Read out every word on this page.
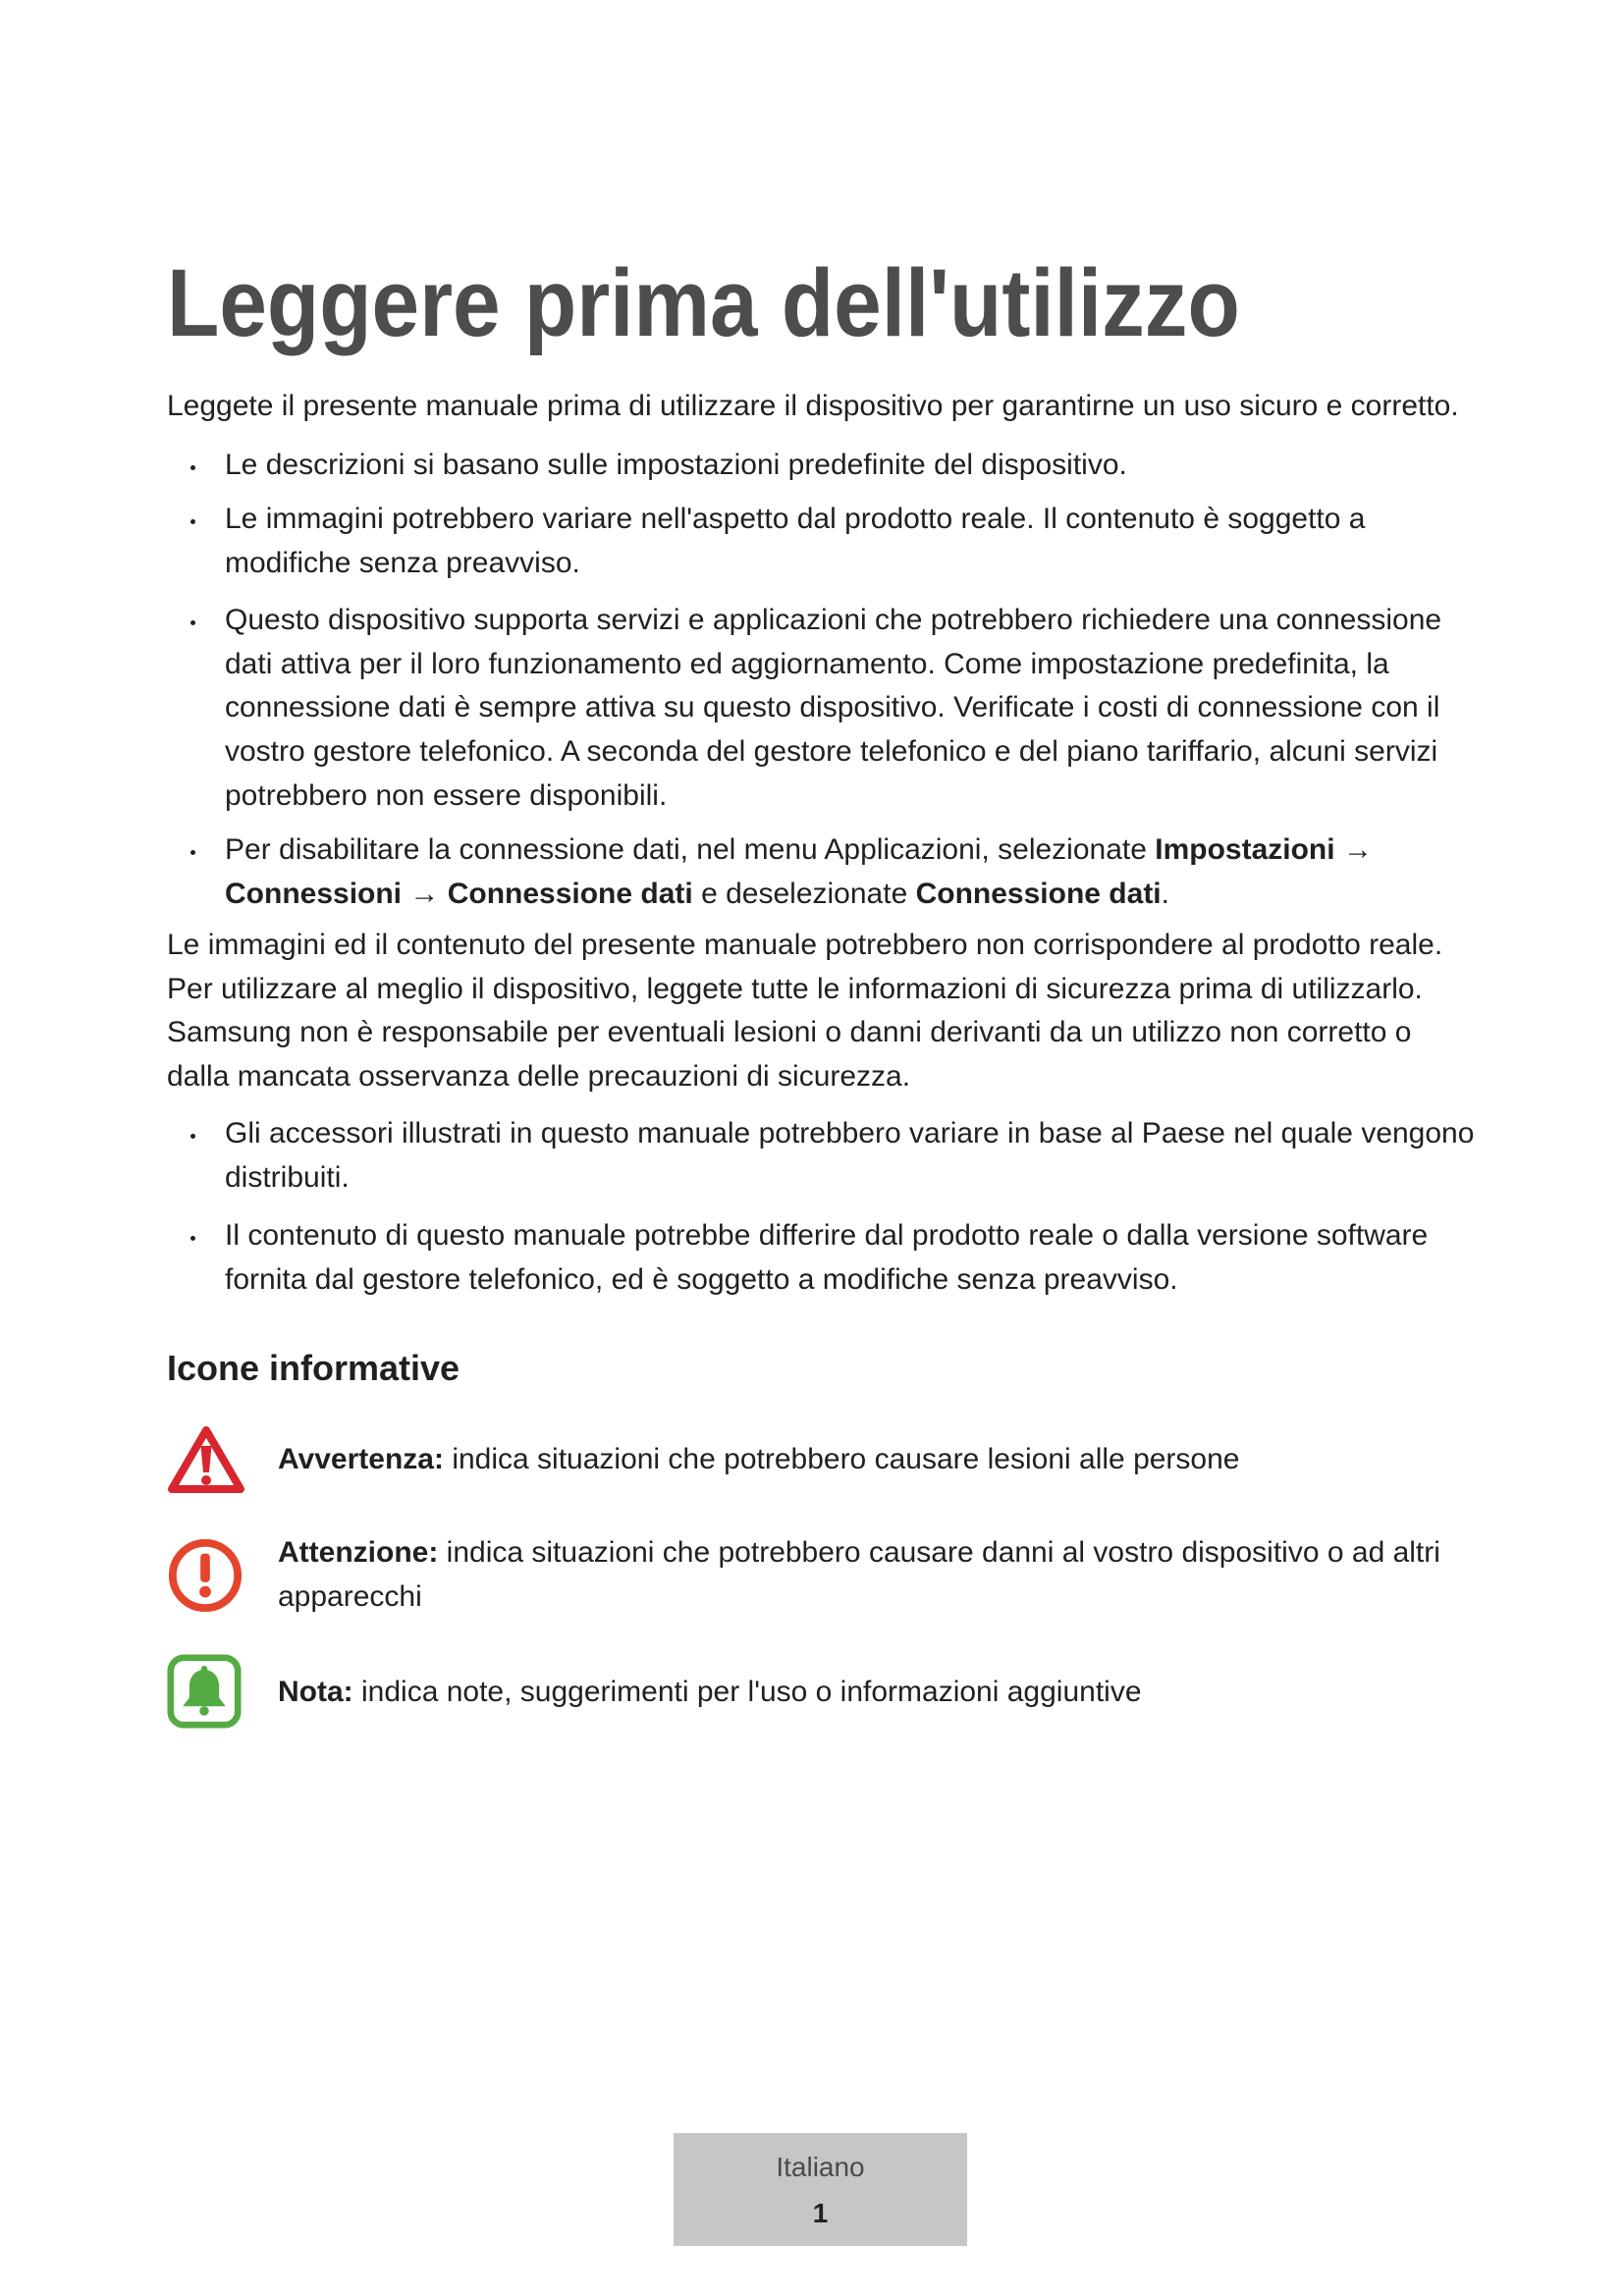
Leggere prima dell'utilizzo
Leggete il presente manuale prima di utilizzare il dispositivo per garantirne un uso sicuro e corretto.
Le descrizioni si basano sulle impostazioni predefinite del dispositivo.
Le immagini potrebbero variare nell'aspetto dal prodotto reale. Il contenuto è soggetto a
modifiche senza preavviso.
Questo dispositivo supporta servizi e applicazioni che potrebbero richiedere una connessione
dati attiva per il loro funzionamento ed aggiornamento. Come impostazione predefinita, la
connessione dati è sempre attiva su questo dispositivo. Verificate i costi di connessione con il
vostro gestore telefonico. A seconda del gestore telefonico e del piano tariffario, alcuni servizi
potrebbero non essere disponibili.
Per disabilitare la connessione dati, nel menu Applicazioni, selezionate Impostazioni →
Connessioni → Connessione dati e deselezionate Connessione dati.
Le immagini ed il contenuto del presente manuale potrebbero non corrispondere al prodotto reale.
Per utilizzare al meglio il dispositivo, leggete tutte le informazioni di sicurezza prima di utilizzarlo.
Samsung non è responsabile per eventuali lesioni o danni derivanti da un utilizzo non corretto o
dalla mancata osservanza delle precauzioni di sicurezza.
Gli accessori illustrati in questo manuale potrebbero variare in base al Paese nel quale vengono
distribuiti.
Il contenuto di questo manuale potrebbe differire dal prodotto reale o dalla versione software
fornita dal gestore telefonico, ed è soggetto a modifiche senza preavviso.
Icone informative
Avvertenza: indica situazioni che potrebbero causare lesioni alle persone
Attenzione: indica situazioni che potrebbero causare danni al vostro dispositivo o ad altri
apparecchi
Nota: indica note, suggerimenti per l'uso o informazioni aggiuntive
Italiano
1
